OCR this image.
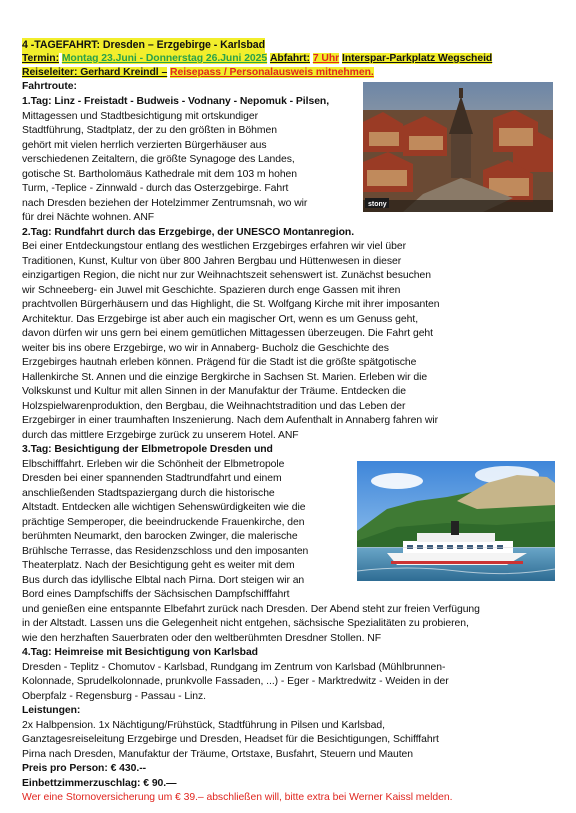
4 -TAGEFAHRT: Dresden – Erzgebirge - Karlsbad
Termin: Montag 23.Juni - Donnerstag 26.Juni 2025 Abfahrt: 7 Uhr Interspar-Parkplatz Wegscheid
Reiseleiter: Gerhard Kreindl – Reisepass / Personalausweis mitnehmen.
Fahrtroute:
1.Tag: Linz - Freistadt - Budweis - Vodnany - Nepomuk - Pilsen,
Mittagessen und Stadtbesichtigung mit ortskundiger
Stadtführung, Stadtplatz, der zu den größten in Böhmen
gehört mit vielen herrlich verzierten Bürgerhäuser aus
verschiedenen Zeitaltern, die größte Synagoge des Landes,
gotische St. Bartholomäus Kathedrale mit dem 103 m hohen
Turm, -Teplice - Zinnwald - durch das Osterzgebirge. Fahrt
nach Dresden beziehen der Hotelzimmer Zentrumsnah, wo wir
für drei Nächte wohnen. ANF
stony
2.Tag: Rundfahrt durch das Erzgebirge, der UNESCO Montanregion.
Bei einer Entdeckungstour entlang des westlichen Erzgebirges erfahren wir viel über
Traditionen, Kunst, Kultur von über 800 Jahren Bergbau und Hüttenwesen in dieser
einzigartigen Region, die nicht nur zur Weihnachtszeit sehenswert ist. Zunächst besuchen
wir Schneeberg- ein Juwel mit Geschichte. Spazieren durch enge Gassen mit ihren
prachtvollen Bürgerhäusern und das Highlight, die St. Wolfgang Kirche mit ihrer imposanten
Architektur. Das Erzgebirge ist aber auch ein magischer Ort, wenn es um Genuss geht,
davon dürfen wir uns gern bei einem gemütlichen Mittagessen überzeugen. Die Fahrt geht
weiter bis ins obere Erzgebirge, wo wir in Annaberg- Bucholz die Geschichte des
Erzgebirges hautnah erleben können. Prägend für die Stadt ist die größte spätgotische
Hallenkirche St. Annen und die einzige Bergkirche in Sachsen St. Marien. Erleben wir die
Volkskunst und Kultur mit allen Sinnen in der Manufaktur der Träume. Entdecken die
Holzspielwarenproduktion, den Bergbau, die Weihnachtstradition und das Leben der
Erzgebirger in einer traumhaften Inszenierung. Nach dem Aufenthalt in Annaberg fahren wir
durch das mittlere Erzgebirge zurück zu unserem Hotel. ANF
3.Tag: Besichtigung der Elbmetropole Dresden und
Elbschifffahrt. Erleben wir die Schönheit der Elbmetropole
Dresden bei einer spannenden Stadtrundfahrt und einem
anschließenden Stadtspaziergang durch die historische
Altstadt. Entdecken alle wichtigen Sehenswürdigkeiten wie die
prächtige Semperoper, die beeindruckende Frauenkirche, den
berühmten Neumarkt, den barocken Zwinger, die malerische
Brühlsche Terrasse, das Residenzschloss und den imposanten
Theaterplatz. Nach der Besichtigung geht es weiter mit dem
Bus durch das idyllische Elbtal nach Pirna. Dort steigen wir an
Bord eines Dampfschiffs der Sächsischen Dampfschifffahrt
und genießen eine entspannte Elbefahrt zurück nach Dresden. Der Abend steht zur freien Verfügung
in der Altstadt. Lassen uns die Gelegenheit nicht entgehen, sächsische Spezialitäten zu probieren,
wie den herzhaften Sauerbraten oder den weltberühmten Dresdner Stollen. NF
4.Tag: Heimreise mit Besichtigung von Karlsbad
Dresden - Teplitz - Chomutov - Karlsbad, Rundgang im Zentrum von Karlsbad (Mühlbrunnen-
Kolonnade, Sprudelkolonnade, prunkvolle Fassaden, ...) - Eger - Marktredwitz - Weiden in der
Oberpfalz - Regensburg - Passau - Linz.
Leistungen:
2x Halbpension. 1x Nächtigung/Frühstück, Stadtführung in Pilsen und Karlsbad,
Ganztagesreiseleitung Erzgebirge und Dresden, Headset für die Besichtigungen, Schifffahrt
Pirna nach Dresden, Manufaktur der Träume, Ortstaxe, Busfahrt, Steuern und Mauten
Preis pro Person: € 430.--
Einbettzimmerzuschlag: € 90.—
Wer eine Stornoversicherung um € 39.– abschließen will, bitte extra bei Werner Kaissl melden.
